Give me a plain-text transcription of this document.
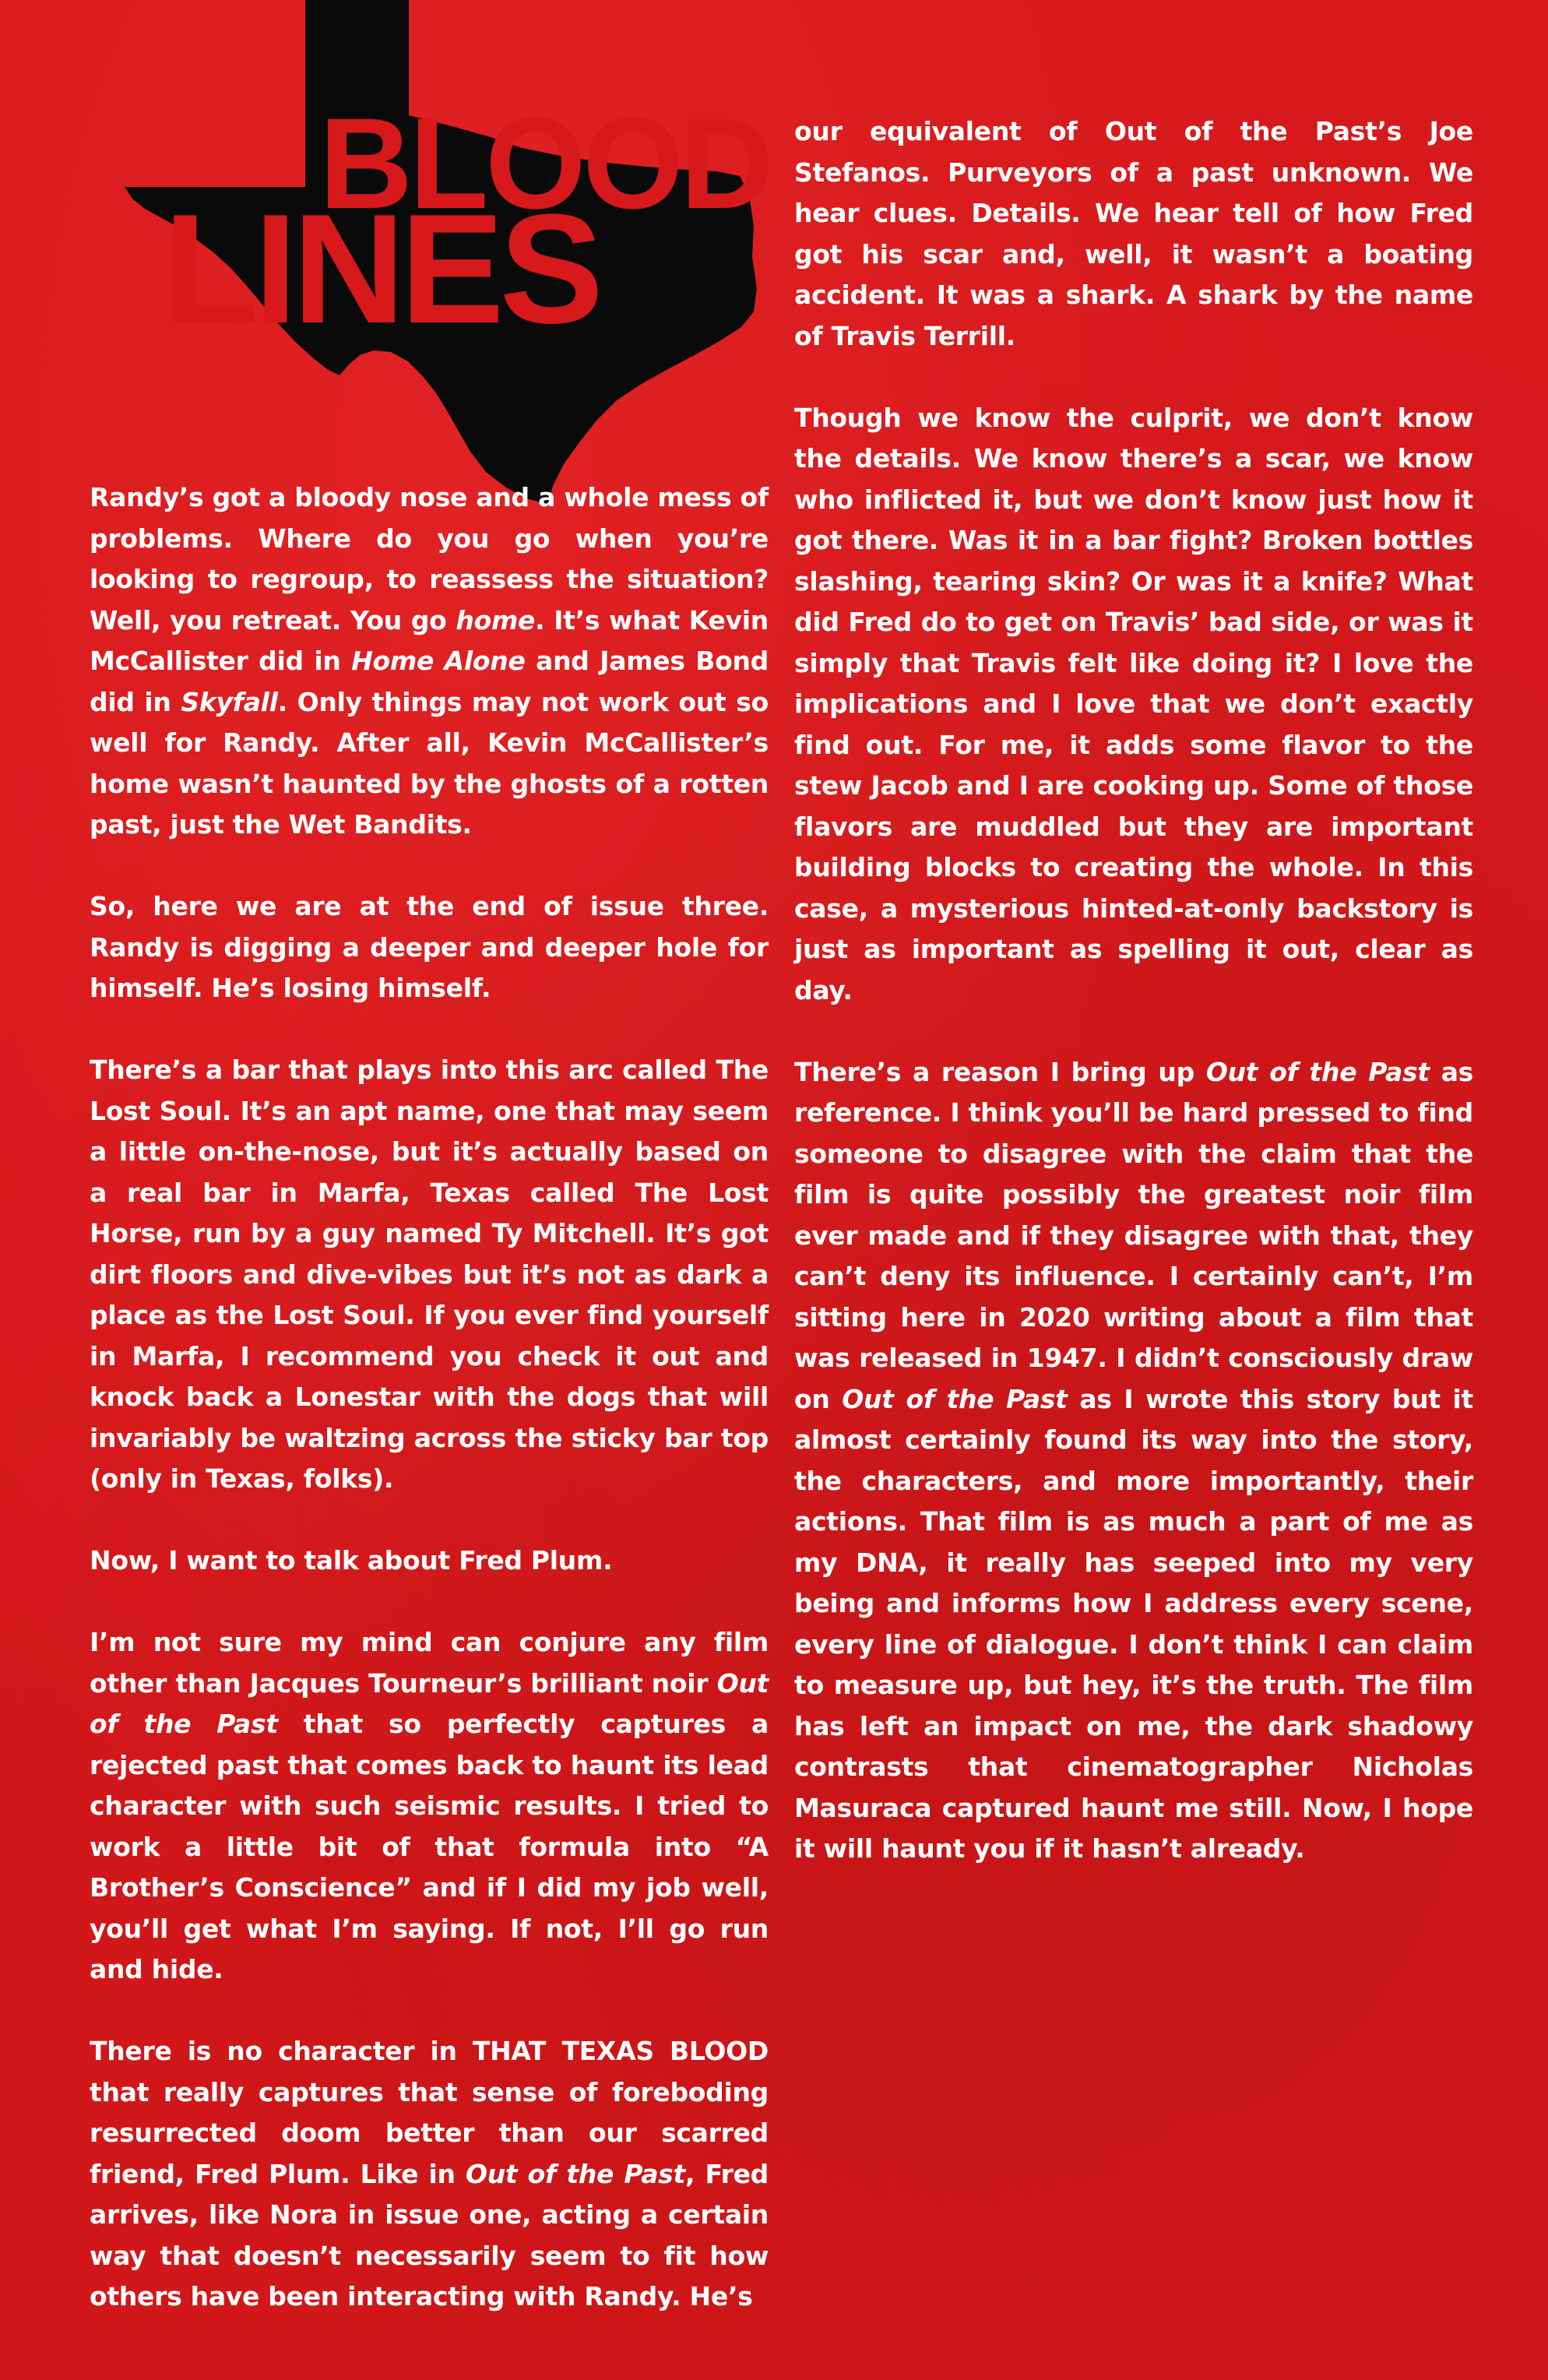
BLOOD
LINES

Randy’s got a bloody nose and a whole mess of problems. Where do you go when you’re looking to regroup, to reassess the situation? Well, you retreat. You go home. It’s what Kevin McCallister did in Home Alone and James Bond did in Skyfall. Only things may not work out so well for Randy. After all, Kevin McCallister’s home wasn’t haunted by the ghosts of a rotten past, just the Wet Bandits.

So, here we are at the end of issue three. Randy is digging a deeper and deeper hole for himself. He’s losing himself.

There’s a bar that plays into this arc called The Lost Soul. It’s an apt name, one that may seem a little on-the-nose, but it’s actually based on a real bar in Marfa, Texas called The Lost Horse, run by a guy named Ty Mitchell. It’s got dirt floors and dive-vibes but it’s not as dark a place as the Lost Soul. If you ever find yourself in Marfa, I recommend you check it out and knock back a Lonestar with the dogs that will invariably be waltzing across the sticky bar top (only in Texas, folks).

Now, I want to talk about Fred Plum.

I’m not sure my mind can conjure any film other than Jacques Tourneur’s brilliant noir Out of the Past that so perfectly captures a rejected past that comes back to haunt its lead character with such seismic results. I tried to work a little bit of that formula into “A Brother’s Conscience” and if I did my job well, you’ll get what I’m saying. If not, I’ll go run and hide.

There is no character in THAT TEXAS BLOOD that really captures that sense of foreboding resurrected doom better than our scarred friend, Fred Plum. Like in Out of the Past, Fred arrives, like Nora in issue one, acting a certain way that doesn’t necessarily seem to fit how others have been interacting with Randy. He’s

our equivalent of Out of the Past’s Joe Stefanos. Purveyors of a past unknown. We hear clues. Details. We hear tell of how Fred got his scar and, well, it wasn’t a boating accident. It was a shark. A shark by the name of Travis Terrill.

Though we know the culprit, we don’t know the details. We know there’s a scar, we know who inflicted it, but we don’t know just how it got there. Was it in a bar fight? Broken bottles slashing, tearing skin? Or was it a knife? What did Fred do to get on Travis’ bad side, or was it simply that Travis felt like doing it? I love the implications and I love that we don’t exactly find out. For me, it adds some flavor to the stew Jacob and I are cooking up. Some of those flavors are muddled but they are important building blocks to creating the whole. In this case, a mysterious hinted-at-only backstory is just as important as spelling it out, clear as day.

There’s a reason I bring up Out of the Past as reference. I think you’ll be hard pressed to find someone to disagree with the claim that the film is quite possibly the greatest noir film ever made and if they disagree with that, they can’t deny its influence. I certainly can’t, I’m sitting here in 2020 writing about a film that was released in 1947. I didn’t consciously draw on Out of the Past as I wrote this story but it almost certainly found its way into the story, the characters, and more importantly, their actions. That film is as much a part of me as my DNA, it really has seeped into my very being and informs how I address every scene, every line of dialogue. I don’t think I can claim to measure up, but hey, it’s the truth. The film has left an impact on me, the dark shadowy contrasts that cinematographer Nicholas Masuraca captured haunt me still. Now, I hope it will haunt you if it hasn’t already.
